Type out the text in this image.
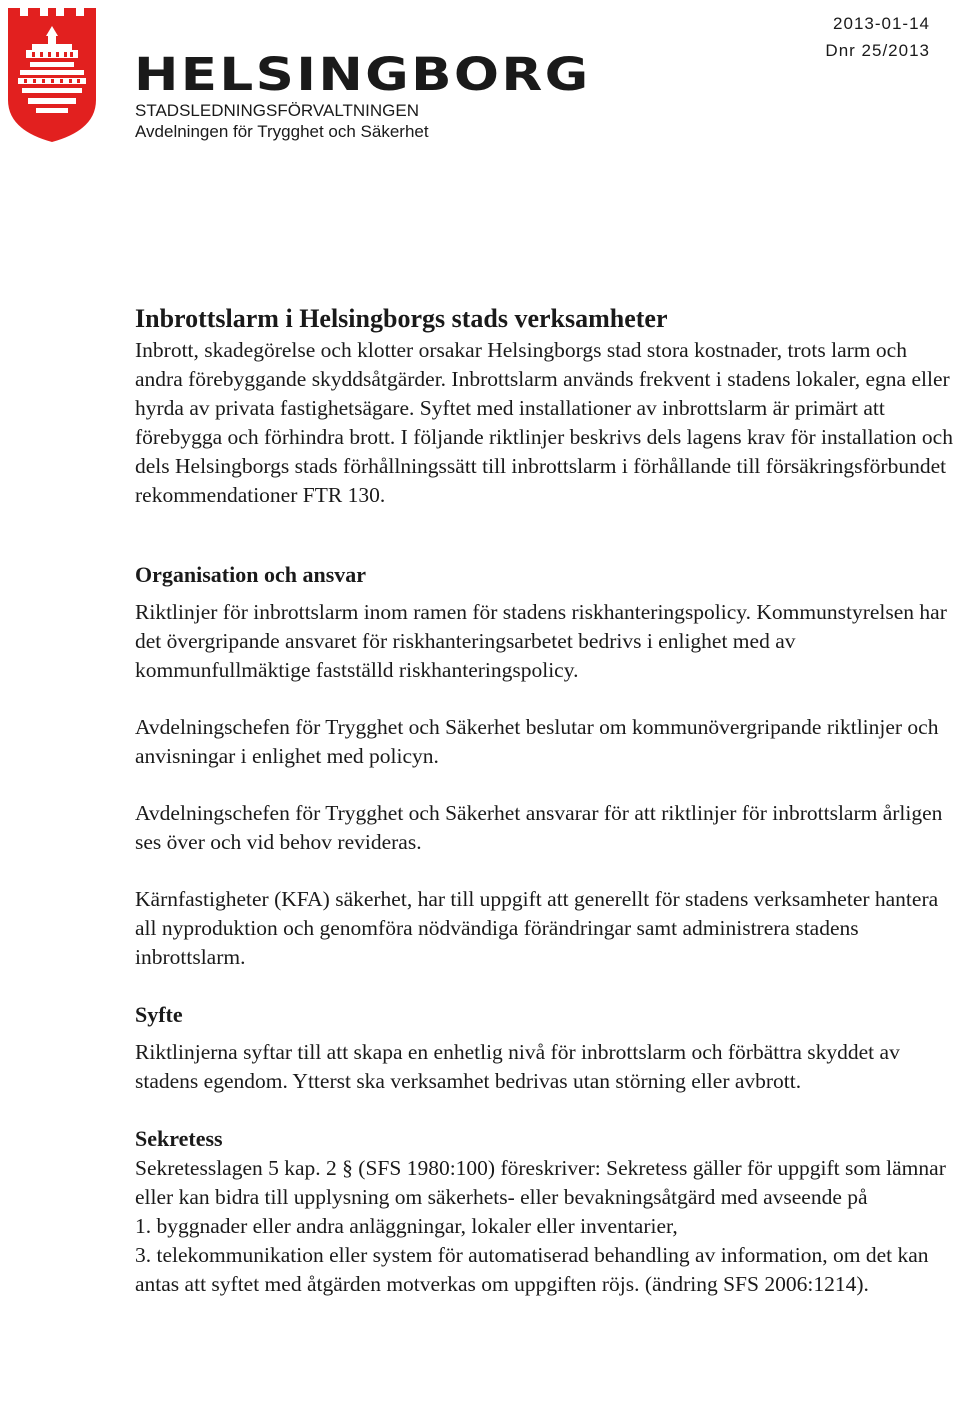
HELSINGBORG
STADSLEDNINGSFÖRVALTNINGEN
Avdelningen för Trygghet och Säkerhet
2013-01-14
Dnr 25/2013
Inbrottslarm i Helsingborgs stads verksamheter

Inbrott, skadegörelse och klotter orsakar Helsingborgs stad stora kostnader, trots larm och andra förebyggande skyddsåtgärder. Inbrottslarm används frekvent i stadens lokaler, egna eller hyrda av privata fastighetsägare. Syftet med installationer av inbrottslarm är primärt att förebygga och förhindra brott. I följande riktlinjer beskrivs dels lagens krav för installation och dels Helsingborgs stads förhållningssätt till inbrottslarm i förhållande till försäkringsförbundet rekommendationer FTR 130.

Organisation och ansvar

Riktlinjer för inbrottslarm inom ramen för stadens riskhanteringspolicy. Kommunstyrelsen har det övergripande ansvaret för riskhanteringsarbetet bedrivs i enlighet med av kommunfullmäktige fastställd riskhanteringspolicy.

Avdelningschefen för Trygghet och Säkerhet beslutar om kommunövergripande riktlinjer och anvisningar i enlighet med policyn.

Avdelningschefen för Trygghet och Säkerhet ansvarar för att riktlinjer för inbrottslarm årligen ses över och vid behov revideras.

Kärnfastigheter (KFA) säkerhet, har till uppgift att generellt för stadens verksamheter hantera all nyproduktion och genomföra nödvändiga förändringar samt administrera stadens inbrottslarm.

Syfte

Riktlinjerna syftar till att skapa en enhetlig nivå för inbrottslarm och förbättra skyddet av stadens egendom. Ytterst ska verksamhet bedrivas utan störning eller avbrott.

Sekretess

Sekretesslagen 5 kap. 2 § (SFS 1980:100) föreskriver: Sekretess gäller för uppgift som lämnar eller kan bidra till upplysning om säkerhets- eller bevakningsåtgärd med avseende på

1. byggnader eller andra anläggningar, lokaler eller inventarier,

3. telekommunikation eller system för automatiserad behandling av information, om det kan antas att syftet med åtgärden motverkas om uppgiften röjs. (ändring SFS 2006:1214).
